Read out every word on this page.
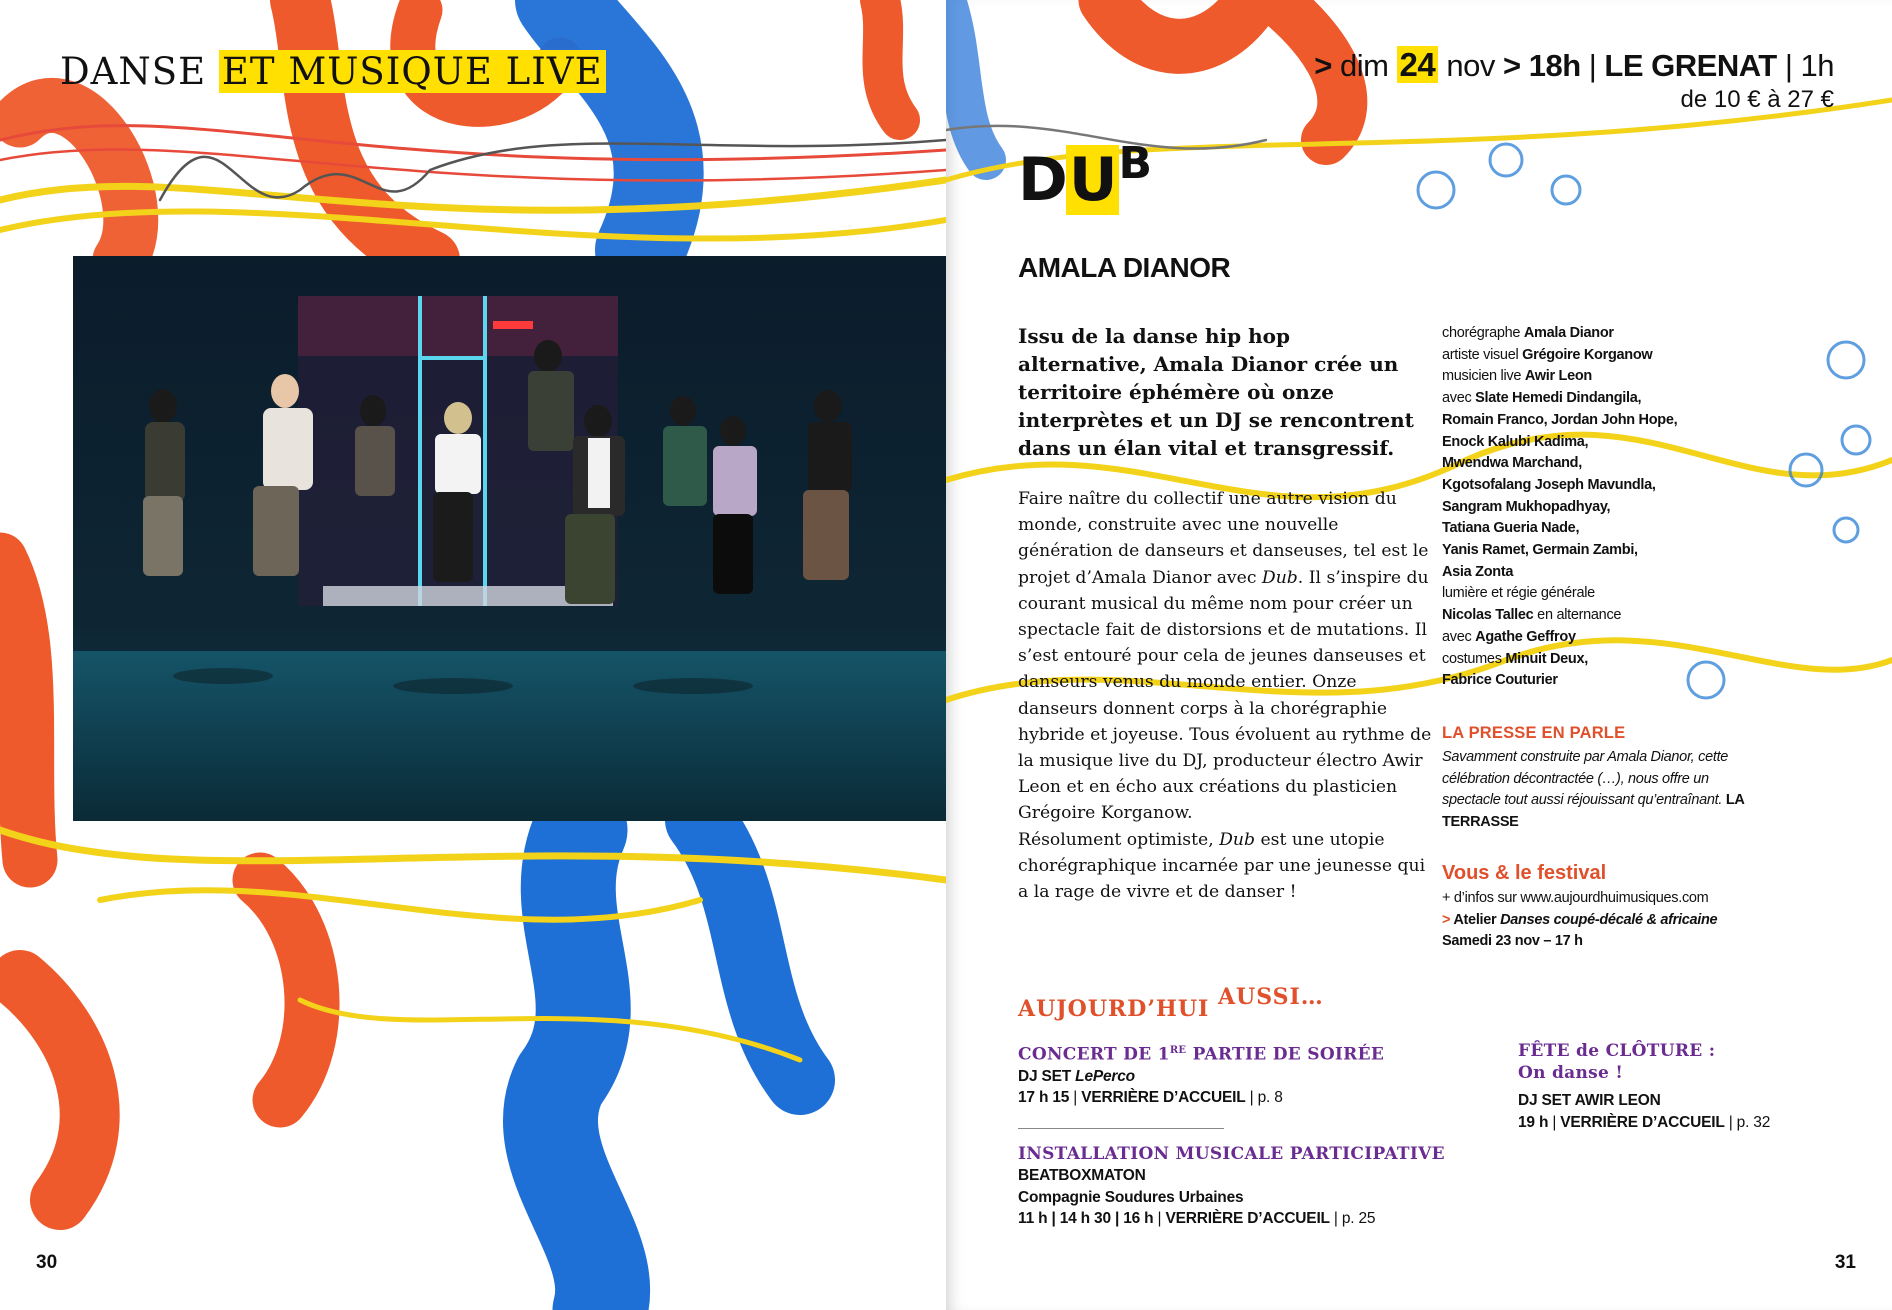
DANSE ET MUSIQUE LIVE
30
> dim 24 nov > 18h | LE GRENAT | 1h
de 10 € à 27 €
$DU^B$
AMALA DIANOR

Issu de la danse hip hop alternative, Amala Dianor crée un territoire éphémère où onze interprètes et un DJ se rencontrent dans un élan vital et transgressif.

Faire naître du collectif une autre vision du monde, construite avec une nouvelle génération de danseurs et danseuses, tel est le projet d’Amala Dianor avec Dub. Il s’inspire du courant musical du même nom pour créer un spectacle fait de distorsions et de mutations. Il s’est entouré pour cela de jeunes danseuses et danseurs venus du monde entier. Onze danseurs donnent corps à la chorégraphie hybride et joyeuse. Tous évoluent au rythme de la musique live du DJ, producteur électro Awir Leon et en écho aux créations du plasticien Grégoire Korganow.
Résolument optimiste, Dub est une utopie chorégraphique incarnée par une jeunesse qui a la rage de vivre et de danser !

chorégraphe Amala Dianor
artiste visuel Grégoire Korganow
musicien live Awir Leon
avec Slate Hemedi Dindangila,
Romain Franco, Jordan John Hope,
Enock Kalubi Kadima,
Mwendwa Marchand,
Kgotsofalang Joseph Mavundla,
Sangram Mukhopadhyay,
Tatiana Gueria Nade,
Yanis Ramet, Germain Zambi,
Asia Zonta
lumière et régie générale
Nicolas Tallec en alternance
avec Agathe Geffroy
costumes Minuit Deux,
Fabrice Couturier
LA PRESSE EN PARLE
Savamment construite par Amala Dianor, cette célébration décontractée (…), nous offre un spectacle tout aussi réjouissant qu’entraînant. LA TERRASSE
Vous & le festival
+ d’infos sur www.aujourdhuimusiques.com
> Atelier Danses coupé-décalé & africaine
Samedi 23 nov – 17 h
AUJOURD’HUI AUSSI…
CONCERT DE 1RE PARTIE DE SOIRÉE
DJ SET LePerco
17 h 15 | VERRIÈRE D’ACCUEIL | p. 8
INSTALLATION MUSICALE PARTICIPATIVE
BEATBOXMATON
Compagnie Soudures Urbaines
11 h | 14 h 30 | 16 h | VERRIÈRE D’ACCUEIL | p. 25
FÊTE de CLÔTURE :
On danse !
DJ SET AWIR LEON
19 h | VERRIÈRE D’ACCUEIL | p. 32
31
